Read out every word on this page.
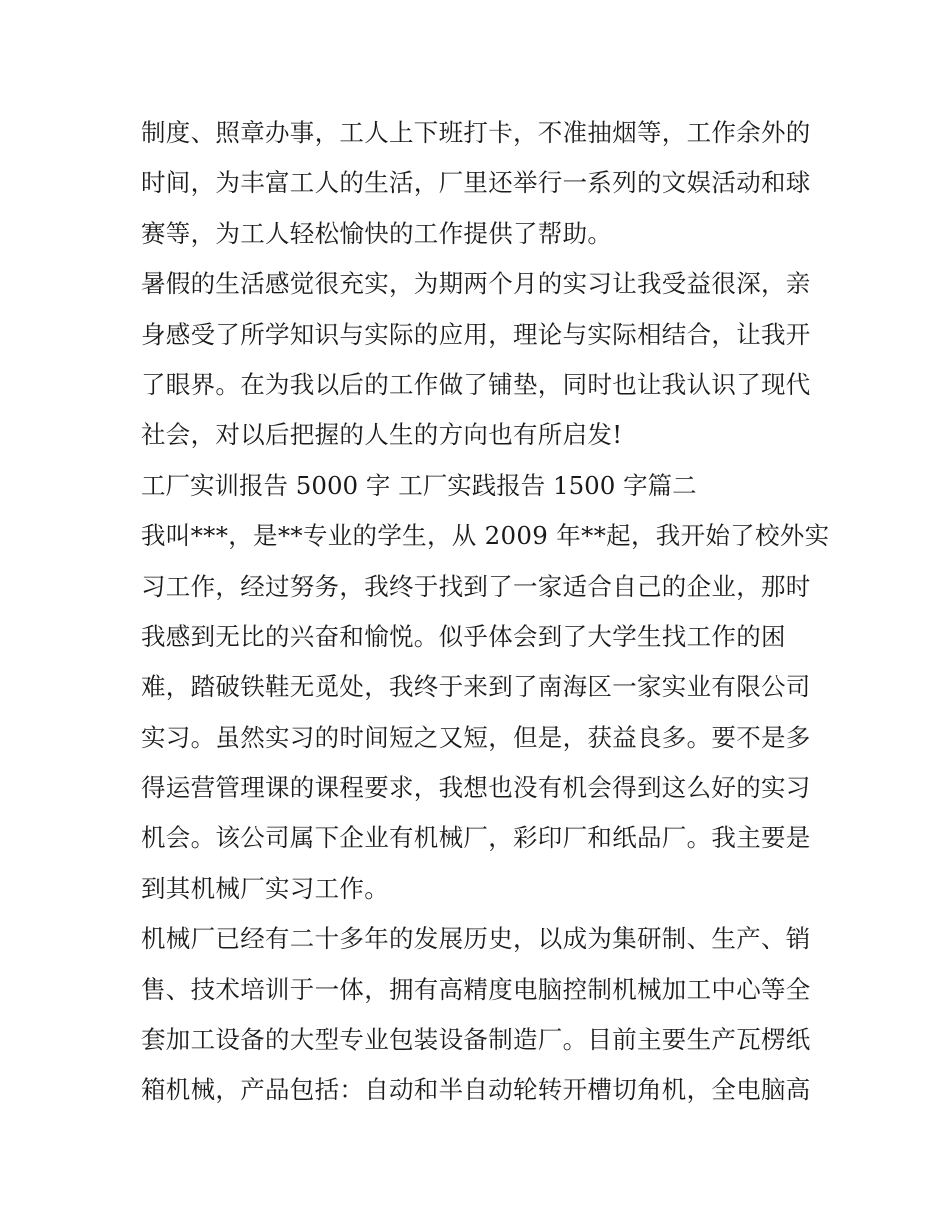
制度、照章办事，工人上下班打卡，不准抽烟等，工作余外的
时间，为丰富工人的生活，厂里还举行一系列的文娱活动和球
赛等，为工人轻松愉快的工作提供了帮助。
暑假的生活感觉很充实，为期两个月的实习让我受益很深，亲
身感受了所学知识与实际的应用，理论与实际相结合，让我开
了眼界。在为我以后的工作做了铺垫，同时也让我认识了现代
社会，对以后把握的人生的方向也有所启发!
工厂实训报告 5000 字 工厂实践报告 1500 字篇二
我叫***，是**专业的学生，从 2009 年**起，我开始了校外实
习工作，经过努务，我终于找到了一家适合自己的企业，那时
我感到无比的兴奋和愉悦。似乎体会到了大学生找工作的困
难，踏破铁鞋无觅处，我终于来到了南海区一家实业有限公司
实习。虽然实习的时间短之又短，但是，获益良多。要不是多
得运营管理课的课程要求，我想也没有机会得到这么好的实习
机会。该公司属下企业有机械厂，彩印厂和纸品厂。我主要是
到其机械厂实习工作。
机械厂已经有二十多年的发展历史，以成为集研制、生产、销
售、技术培训于一体，拥有高精度电脑控制机械加工中心等全
套加工设备的大型专业包装设备制造厂。目前主要生产瓦楞纸
箱机械，产品包括：自动和半自动轮转开槽切角机，全电脑高
